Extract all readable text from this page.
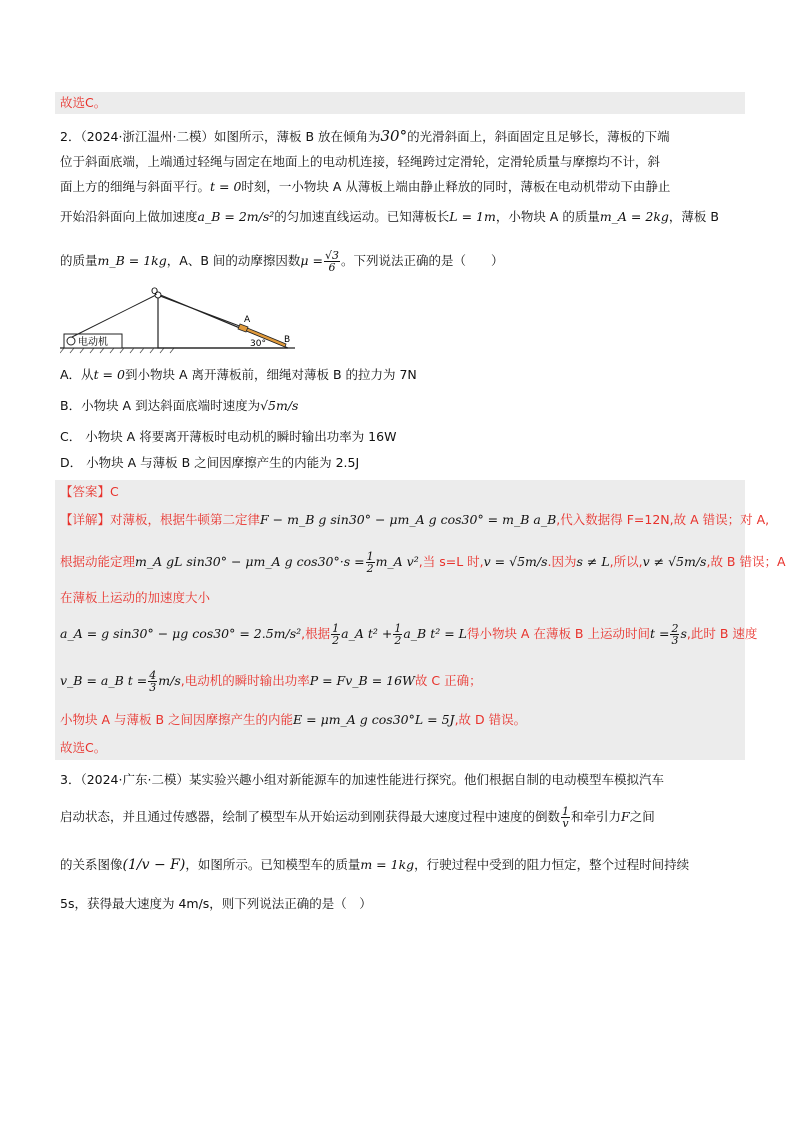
故选C。
2．（2024·浙江温州·二模）如图所示，薄板 B 放在倾角为30°的光滑斜面上，斜面固定且足够长，薄板的下端
位于斜面底端，上端通过轻绳与固定在地面上的电动机连接，轻绳跨过定滑轮，定滑轮质量与摩擦均不计，斜
面上方的细绳与斜面平行。t = 0时刻，一小物块 A 从薄板上端由静止释放的同时，薄板在电动机带动下由静止
开始沿斜面向上做加速度a_B = 2m/s²的匀加速直线运动。已知薄板长L = 1m，小物块 A 的质量m_A = 2kg，薄板 B
的质量m_B = 1kg，A、B 间的动摩擦因数$\mu = \frac{√3}{6}$ 。下列说法正确的是（　　）
电动机
Q
A
B
30°
A．从t = 0到小物块 A 离开薄板前，细绳对薄板 B 的拉力为 7N
B．小物块 A 到达斜面底端时速度为√5m/s
C． 小物块 A 将要离开薄板时电动机的瞬时输出功率为 16W
D． 小物块 A 与薄板 B 之间因摩擦产生的内能为 2.5J
【答案】C
【详解】对薄板，根据牛顿第二定律F − m_B g sin30° − μm_A g cos30° = m_B a_B,代入数据得 F=12N,故 A 错误；对 A,
根据动能定理m_A gL sin30° − μm_A g $\cos 30^\circ\cdot s = \frac{1}{2}$ m_A v²,当 s=L 时,v = √5m/s.因为s ≠ L,所以,v ≠ √5m/s,故 B 错误；A
在薄板上运动的加速度大小
a_A = g sin30° − μg cos30° = 2.5m/s²,根据 $\frac{1}{2}$ a_A $t^2 + \frac{1}{2}$ a_B t² = L得小物块 A 在薄板 B 上运动时间$t = \frac{2}{3} s$,此时 B 速度
v_B = a_B $t = \frac{4}{3} m/s$,电动机的瞬时输出功率P = Fv_B = 16W故 C 正确；
小物块 A 与薄板 B 之间因摩擦产生的内能E = μm_A g cos30°L = 5J,故 D 错误。
故选C。
3．（2024·广东·二模）某实验兴趣小组对新能源车的加速性能进行探究。他们根据自制的电动模型车模拟汽车
启动状态，并且通过传感器，绘制了模型车从开始运动到刚获得最大速度过程中速度的倒数 $\frac{1}{v}$ 和牵引力F之间
的关系图像(1/v − F)，如图所示。已知模型车的质量m = 1kg，行驶过程中受到的阻力恒定，整个过程时间持续
5s，获得最大速度为 4m/s，则下列说法正确的是（　）
